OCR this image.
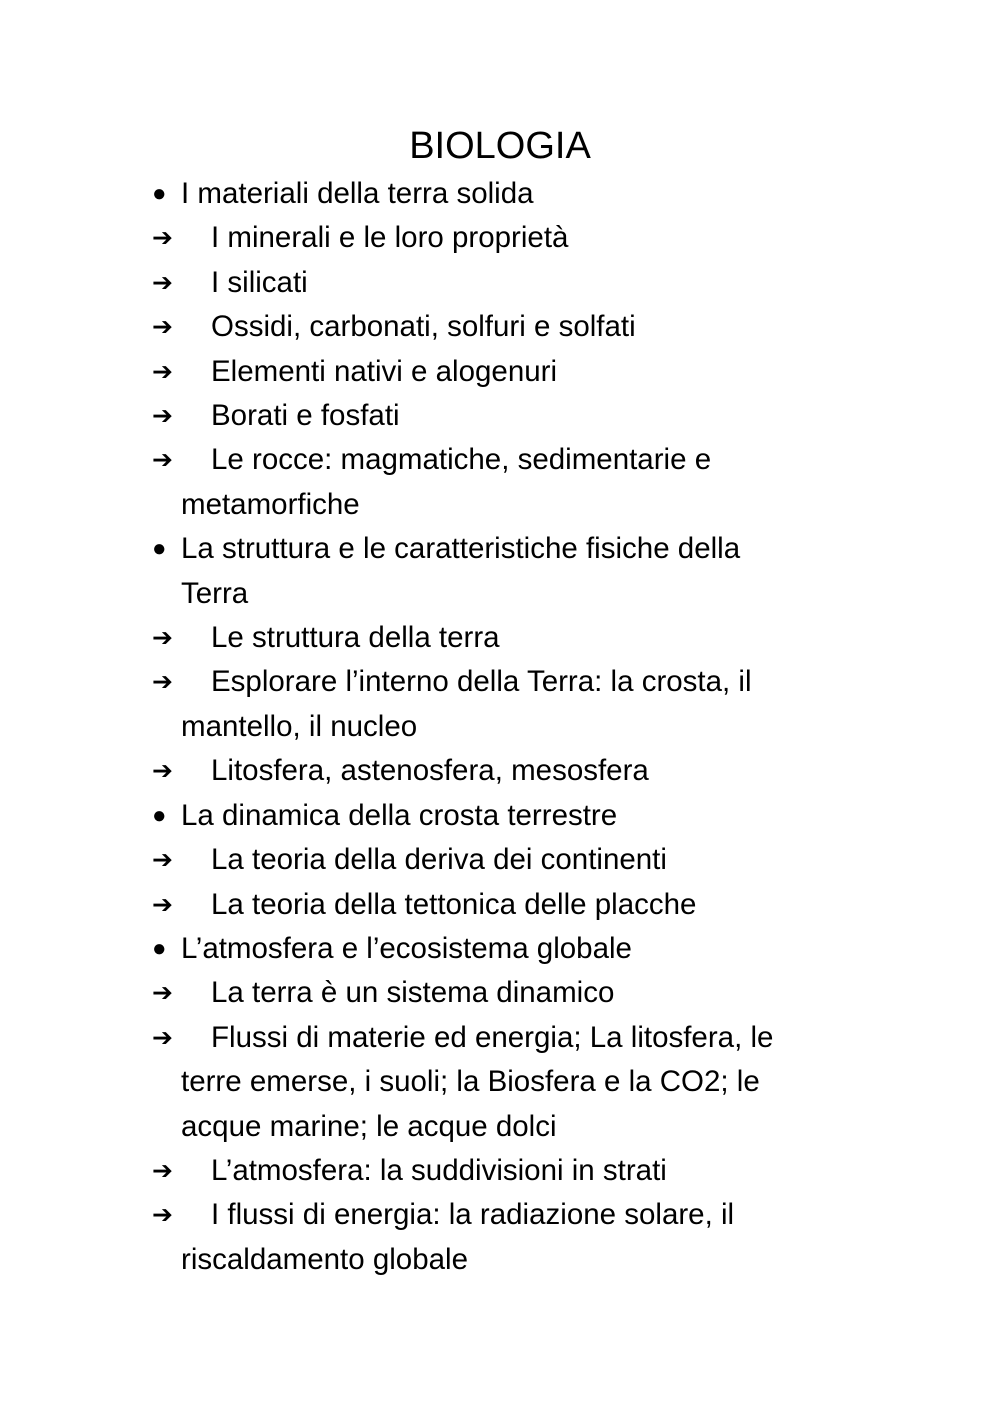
BIOLOGIA
● I materiali della terra solida
➔ I minerali e le loro proprietà
➔ I silicati
➔ Ossidi, carbonati, solfuri e solfati
➔ Elementi nativi e alogenuri
➔ Borati e fosfati
➔ Le rocce: magmatiche, sedimentarie e
metamorfiche
● La struttura e le caratteristiche fisiche della
Terra
➔ Le struttura della terra
➔ Esplorare l’interno della Terra: la crosta, il
mantello, il nucleo
➔ Litosfera, astenosfera, mesosfera
● La dinamica della crosta terrestre
➔ La teoria della deriva dei continenti
➔ La teoria della tettonica delle placche
● L’atmosfera e l’ecosistema globale
➔ La terra è un sistema dinamico
➔ Flussi di materie ed energia; La litosfera, le
terre emerse, i suoli; la Biosfera e la CO2; le
acque marine; le acque dolci
➔ L’atmosfera: la suddivisioni in strati
➔ I flussi di energia: la radiazione solare, il
riscaldamento globale
